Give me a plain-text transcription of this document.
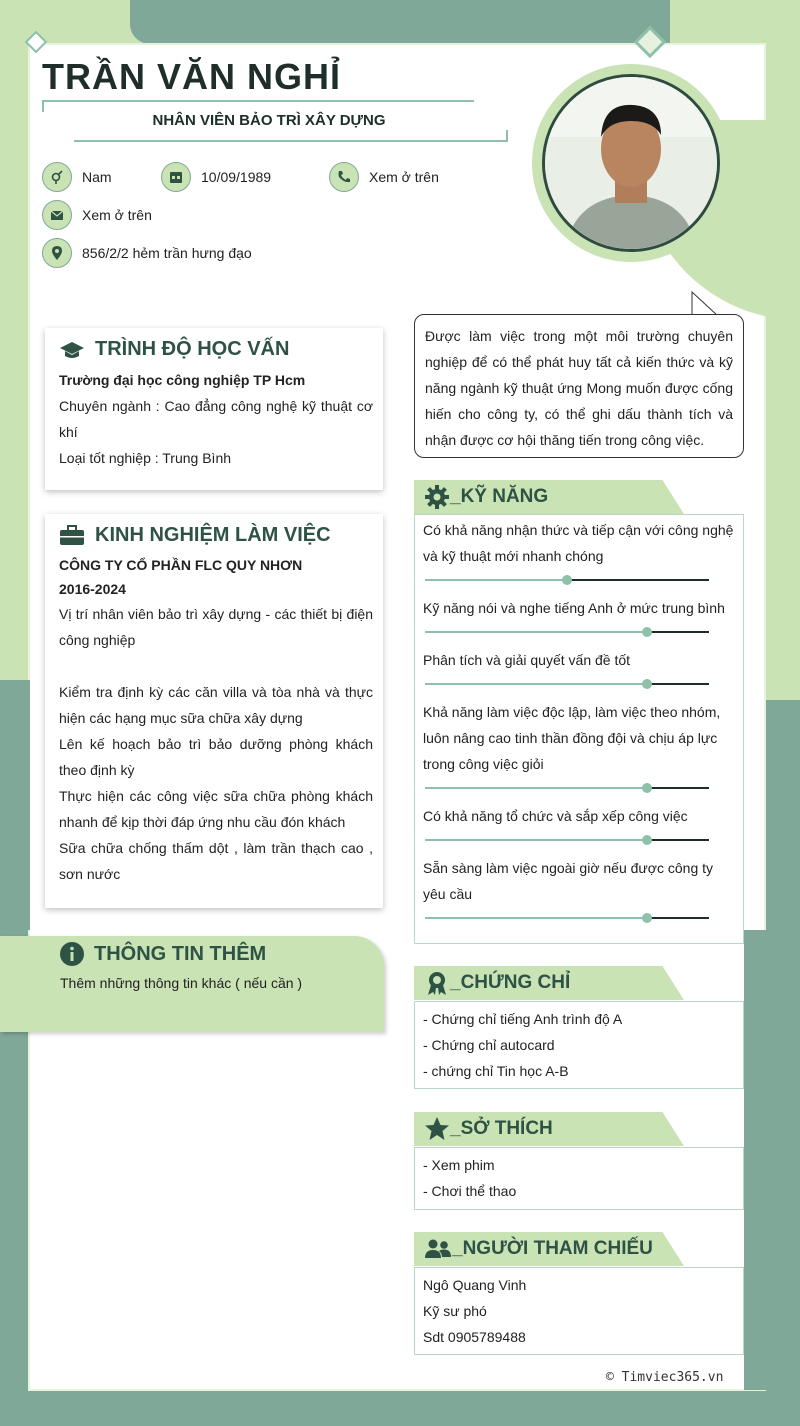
TRẦN VĂN NGHỈ
NHÂN VIÊN BẢO TRÌ XÂY DỰNG
Nam	10/09/1989	Xem ở trên
Xem ở trên
856/2/2 hẻm trần hưng đạo
Được làm việc trong một môi trường chuyên nghiệp để có thể phát huy tất cả kiến thức và kỹ năng ngành kỹ thuật ứng Mong muốn được cống hiến cho công ty, có thể ghi dấu thành tích và nhận được cơ hội thăng tiến trong công việc.
TRÌNH ĐỘ HỌC VẤN
Trường đại học công nghiệp TP Hcm
Chuyên ngành : Cao đẳng công nghệ kỹ thuật cơ khí
Loại tốt nghiệp : Trung Bình
KINH NGHIỆM LÀM VIỆC
CÔNG TY CỔ PHẦN FLC QUY NHƠN
2016-2024
Vị trí nhân viên bảo trì xây dựng - các thiết bị điện công nghiệp
Kiểm tra định kỳ các căn villa và tòa nhà và thực hiện các hạng mục sữa chữa xây dựng
Lên kế hoạch bảo trì bảo dưỡng phòng khách theo định kỳ
Thực hiện các công việc sữa chữa phòng khách nhanh để kịp thời đáp ứng nhu cầu đón khách
Sữa chữa chống thấm dột , làm trần thạch cao , sơn nước
THÔNG TIN THÊM
Thêm những thông tin khác ( nếu cần )
_KỸ NĂNG
Có khả năng nhận thức và tiếp cận với công nghệ và kỹ thuật mới nhanh chóng
Kỹ năng nói và nghe tiếng Anh ở mức trung bình
Phân tích và giải quyết vấn đề tốt
Khả năng làm việc độc lập, làm việc theo nhóm, luôn nâng cao tinh thần đồng đội và chịu áp lực trong công việc giỏi
Có khả năng tổ chức và sắp xếp công việc
Sẵn sàng làm việc ngoài giờ nếu được công ty yêu cầu
_CHỨNG CHỈ
- Chứng chỉ tiếng Anh trình độ A
- Chứng chỉ autocard
- chứng chỉ Tin học A-B
_SỞ THÍCH
- Xem phim
- Chơi thể thao
_NGƯỜI THAM CHIẾU
Ngô Quang Vinh
Kỹ sư phó
Sdt 0905789488
© Timviec365.vn
